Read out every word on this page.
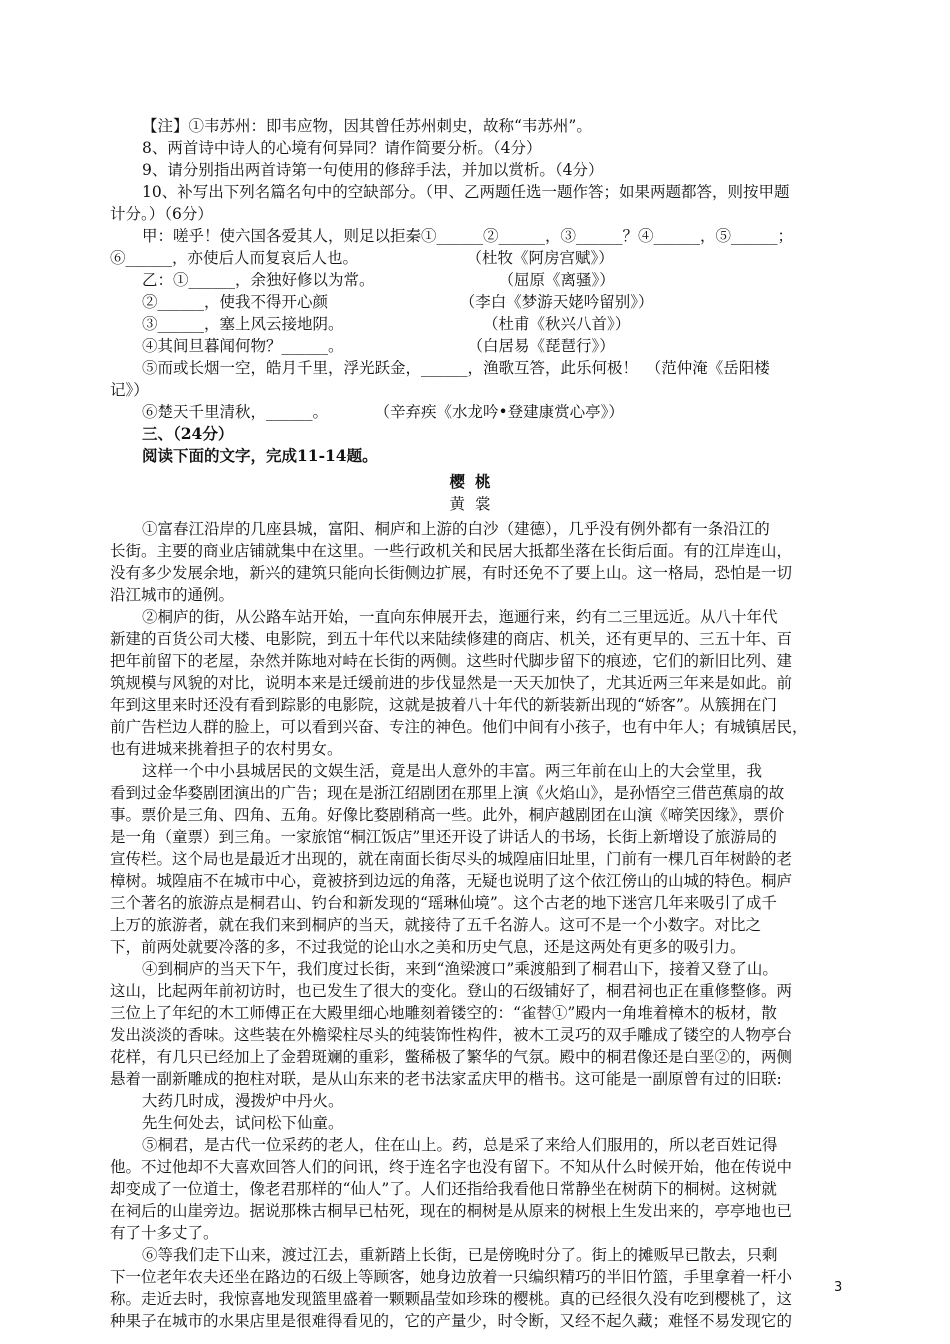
【注】①韦苏州：即韦应物，因其曾任苏州刺史，故称“韦苏州”。
8、两首诗中诗人的心境有何异同？请作简要分析。（4分）
9、请分别指出两首诗第一句使用的修辞手法，并加以赏析。（4分）
10、补写出下列名篇名句中的空缺部分。（甲、乙两题任选一题作答；如果两题都答，则按甲题
计分。）（6分）
甲：嗟乎！使六国各爱其人，则足以拒秦①______②______，③______？④______，⑤______；
⑥______，亦使后人而复哀后人也。　　　　　　　　（杜牧《阿房宫赋》）
乙：①______，余独好修以为常。　　　　　　　　　（屈原《离骚》）
②______，使我不得开心颜　　　　　　　　　（李白《梦游天姥吟留别》）
③______，塞上风云接地阴。　　　　　　　　　　（杜甫《秋兴八首》）
④其间旦暮闻何物？______。　　　　　　　　　（白居易《琵琶行》）
⑤而或长烟一空，皓月千里，浮光跃金，______，渔歌互答，此乐何极！　（范仲淹《岳阳楼
记》）
⑥楚天千里清秋，______。　　　　（辛弃疾《水龙吟•登建康赏心亭》）
三、（24分）
阅读下面的文字，完成11-14题。
樱桃
黄裳
①富春江沿岸的几座县城，富阳、桐庐和上游的白沙（建德），几乎没有例外都有一条沿江的
长街。主要的商业店铺就集中在这里。一些行政机关和民居大抵都坐落在长街后面。有的江岸连山，
没有多少发展余地，新兴的建筑只能向长街侧边扩展，有时还免不了要上山。这一格局，恐怕是一切
沿江城市的通例。
②桐庐的街，从公路车站开始，一直向东伸展开去，迤逦行来，约有二三里远近。从八十年代
新建的百货公司大楼、电影院，到五十年代以来陆续修建的商店、机关，还有更早的、三五十年、百
把年前留下的老屋，杂然并陈地对峙在长街的两侧。这些时代脚步留下的痕迹，它们的新旧比列、建
筑规模与风貌的对比，说明本来是迁缓前进的步伐显然是一天天加快了，尤其近两三年来是如此。前
年到这里来时还没有看到踪影的电影院，这就是披着八十年代的新装新出现的“娇客”。从簇拥在门
前广告栏边人群的脸上，可以看到兴奋、专注的神色。他们中间有小孩子，也有中年人；有城镇居民，
也有进城来挑着担子的农村男女。
这样一个中小县城居民的文娱生活，竟是出人意外的丰富。两三年前在山上的大会堂里，我
看到过金华婺剧团演出的广告；现在是浙江绍剧团在那里上演《火焰山》，是孙悟空三借芭蕉扇的故
事。票价是三角、四角、五角。好像比婺剧稍高一些。此外，桐庐越剧团在山演《啼笑因缘》，票价
是一角（童票）到三角。一家旅馆“桐江饭店”里还开设了讲话人的书场，长街上新增设了旅游局的
宣传栏。这个局也是最近才出现的，就在南面长街尽头的城隍庙旧址里，门前有一棵几百年树龄的老
樟树。城隍庙不在城市中心，竟被挤到边远的角落，无疑也说明了这个依江傍山的山城的特色。桐庐
三个著名的旅游点是桐君山、钓台和新发现的“瑶琳仙境”。这个古老的地下迷宫几年来吸引了成千
上万的旅游者，就在我们来到桐庐的当天，就接待了五千名游人。这可不是一个小数字。对比之
下，前两处就要冷落的多，不过我觉的论山水之美和历史气息，还是这两处有更多的吸引力。
④到桐庐的当天下午，我们度过长街，来到“渔梁渡口”乘渡船到了桐君山下，接着又登了山。
这山，比起两年前初访时，也已发生了很大的变化。登山的石级铺好了，桐君祠也正在重修整修。两
三位上了年纪的木工师傅正在大殿里细心地雕刻着镂空的：“雀替①”殿内一角堆着樟木的板材，散
发出淡淡的香味。这些装在外檐梁柱尽头的纯装饰性构件，被木工灵巧的双手雕成了镂空的人物亭台
花样，有几只已经加上了金碧斑斓的重彩，鳖稀极了繁华的气氛。殿中的桐君像还是白垩②的，两侧
悬着一副新雕成的抱柱对联，是从山东来的老书法家孟庆甲的楷书。这可能是一副原曾有过的旧联:
大药几时成，漫拨炉中丹火。
先生何处去，试问松下仙童。
⑤桐君，是古代一位采药的老人，住在山上。药，总是采了来给人们服用的，所以老百姓记得
他。不过他却不大喜欢回答人们的问讯，终于连名字也没有留下。不知从什么时候开始，他在传说中
却变成了一位道士，像老君那样的“仙人”了。人们还指给我看他日常静坐在树荫下的桐树。这树就
在祠后的山崖旁边。据说那株古桐早已枯死，现在的桐树是从原来的树根上生发出来的，亭亭地也已
有了十多丈了。
⑥等我们走下山来，渡过江去，重新踏上长街，已是傍晚时分了。街上的摊贩早已散去，只剩
下一位老年农夫还坐在路边的石级上等顾客，她身边放着一只编织精巧的半旧竹篮，手里拿着一杆小
称。走近去时，我惊喜地发现篮里盛着一颗颗晶莹如珍珠的樱桃。真的已经很久没有吃到樱桃了，这
种果子在城市的水果店里是很难得看见的，它的产量少，时令断，又经不起久藏；难怪不易发现它的
3
